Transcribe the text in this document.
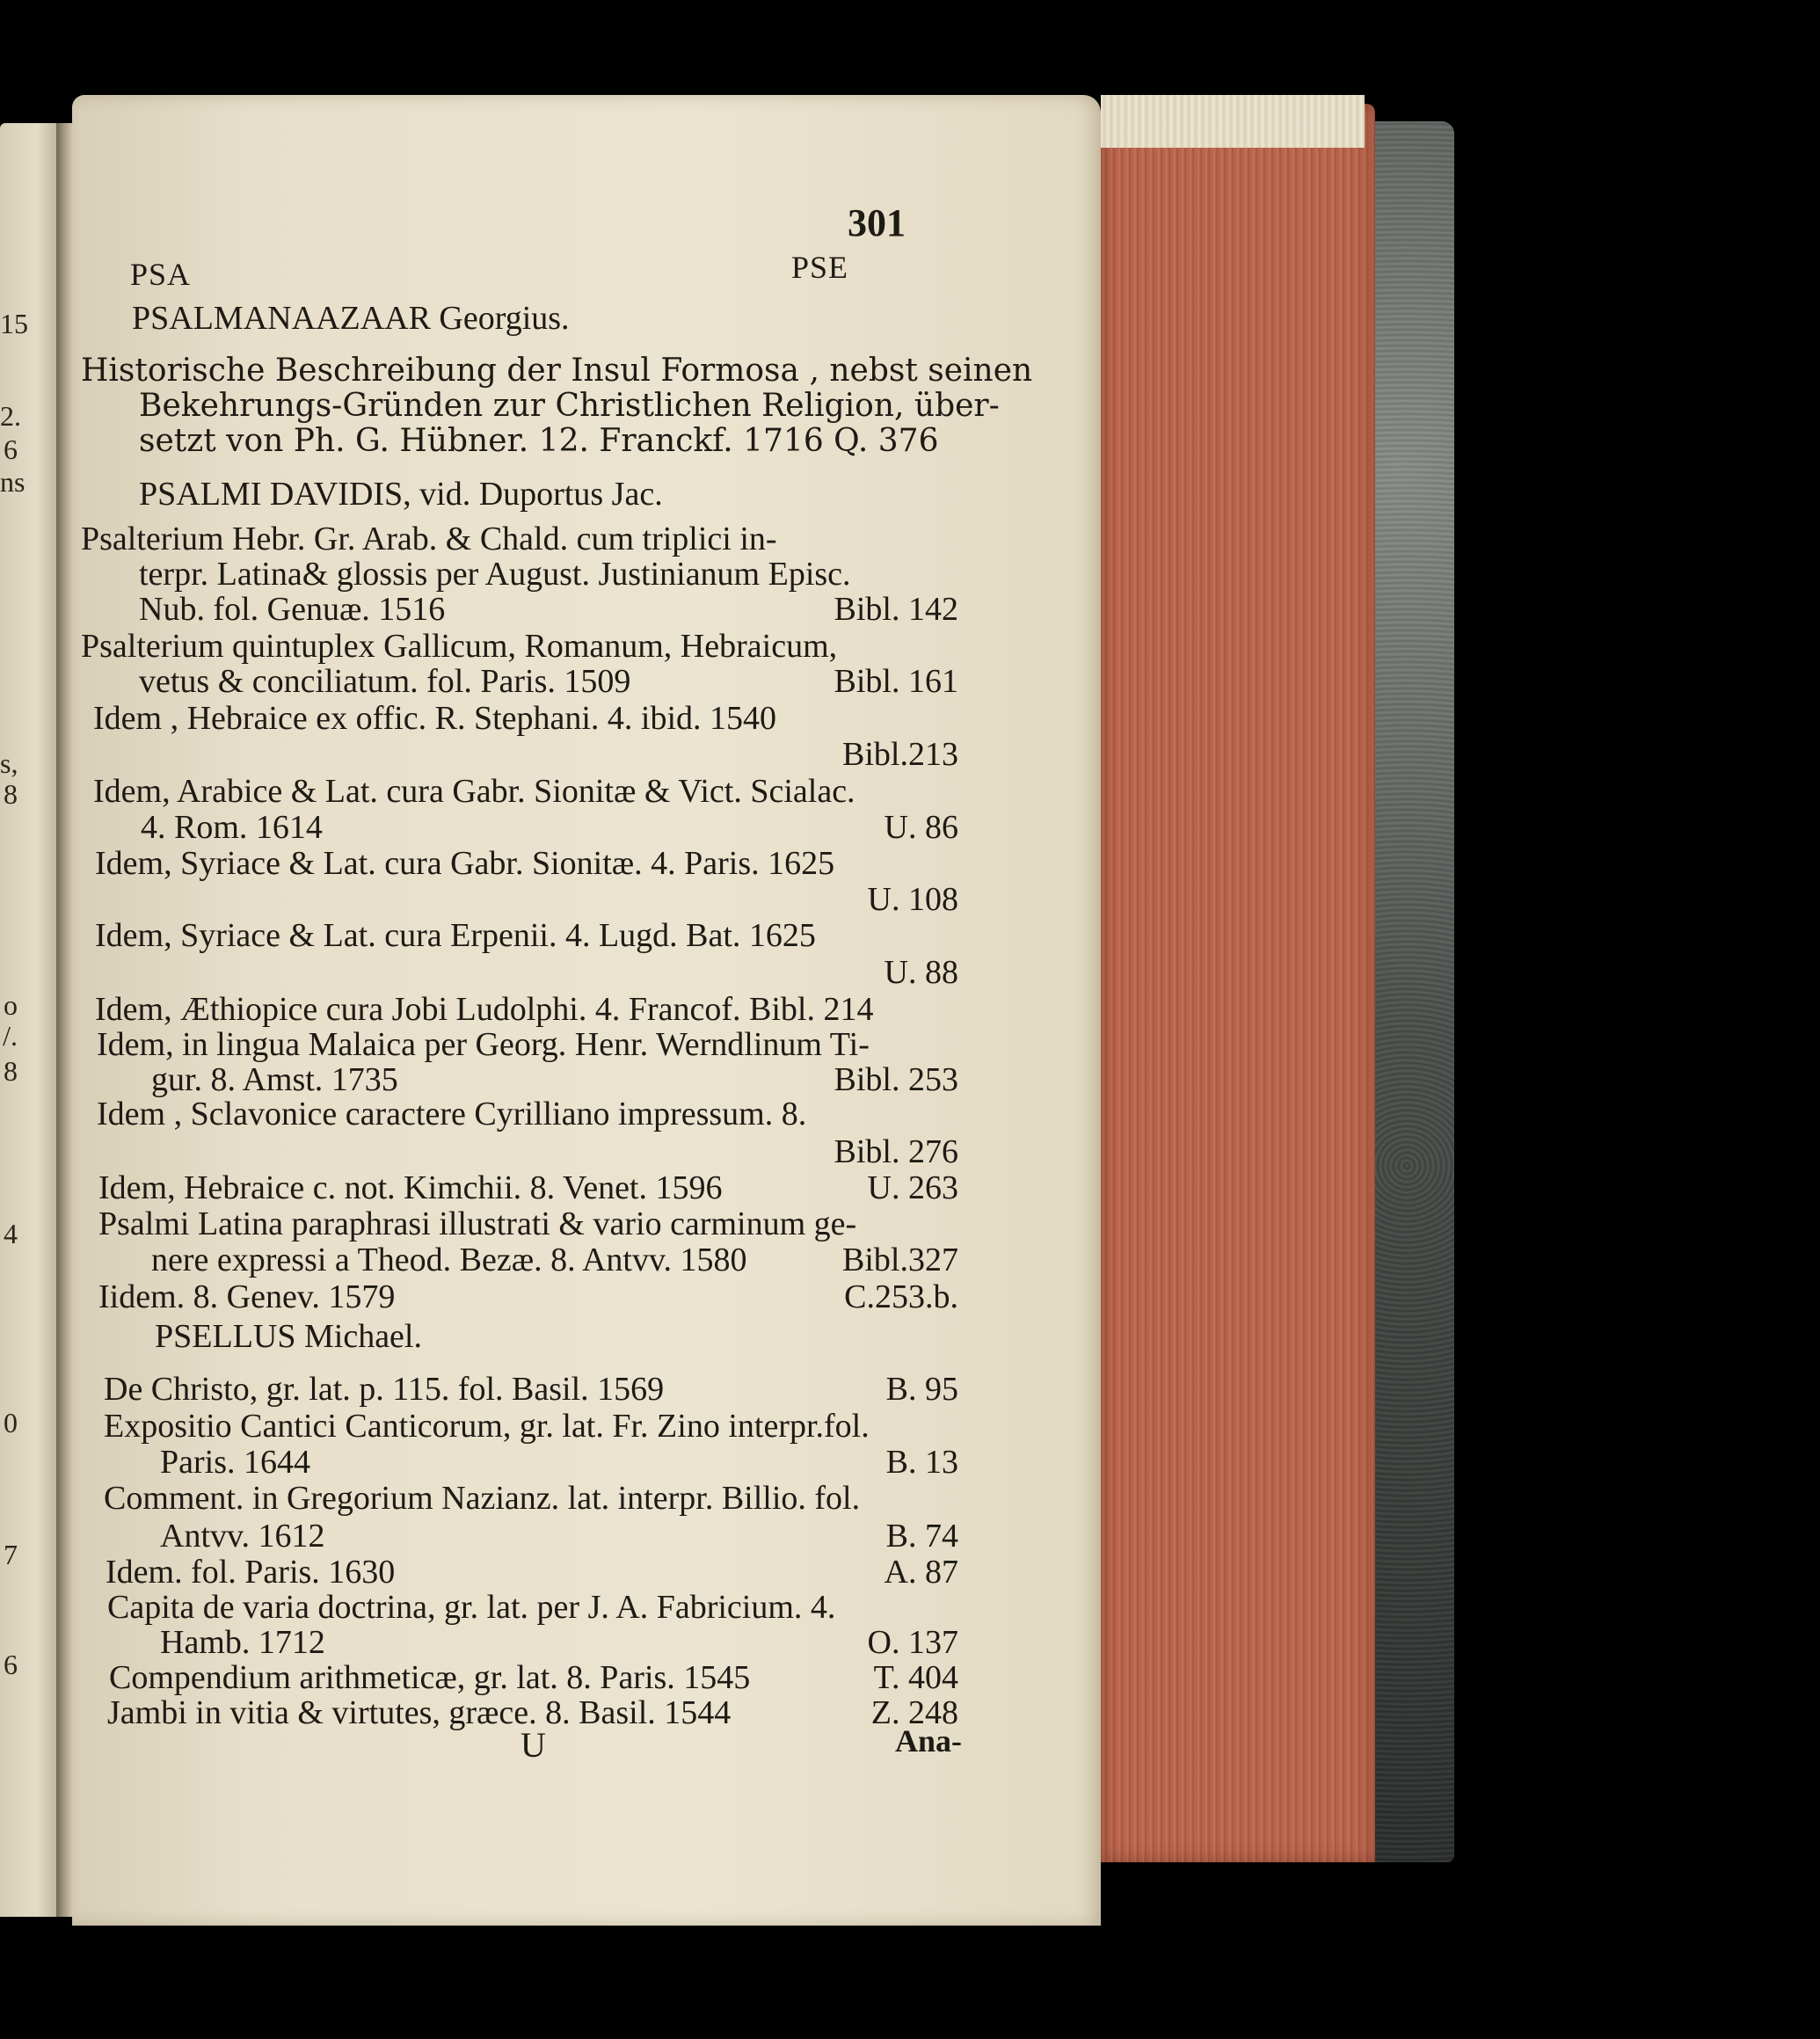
15
2.
6
ns
s,
8
o
/.
8
4
0
7
6
301
PSA	PSE
PSALMANAAZAAR Georgius.
Historische Beschreibung der Insul Formosa , nebst seinen
Bekehrungs-Gründen zur Christlichen Religion, über-
setzt von Ph. G. Hübner. 12. Franckf. 1716 Q. 376
PSALMI DAVIDIS, vid. Duportus Jac.
Psalterium Hebr. Gr. Arab. & Chald. cum triplici in-
terpr. Latina& glossis per August. Justinianum Episc.
Nub. fol. Genuæ. 1516	Bibl. 142
Psalterium quintuplex Gallicum, Romanum, Hebraicum,
vetus & conciliatum. fol. Paris. 1509	Bibl. 161
Idem , Hebraice ex offic. R. Stephani. 4. ibid. 1540
Bibl.213
Idem, Arabice & Lat. cura Gabr. Sionitæ & Vict. Scialac.
4. Rom. 1614	U. 86
Idem, Syriace & Lat. cura Gabr. Sionitæ. 4. Paris. 1625
U. 108
Idem, Syriace & Lat. cura Erpenii. 4. Lugd. Bat. 1625
U. 88
Idem, Æthiopice cura Jobi Ludolphi. 4. Francof. Bibl. 214
Idem, in lingua Malaica per Georg. Henr. Werndlinum Ti-
gur. 8. Amst. 1735	Bibl. 253
Idem , Sclavonice caractere Cyrilliano impressum. 8.
Bibl. 276
Idem, Hebraice c. not. Kimchii. 8. Venet. 1596	U. 263
Psalmi Latina paraphrasi illustrati & vario carminum ge-
nere expressi a Theod. Bezæ. 8. Antvv. 1580	Bibl.327
Iidem. 8. Genev. 1579	C.253.b.
PSELLUS Michael.
De Christo, gr. lat. p. 115. fol. Basil. 1569	B. 95
Expositio Cantici Canticorum, gr. lat. Fr. Zino interpr.fol.
Paris. 1644	B. 13
Comment. in Gregorium Nazianz. lat. interpr. Billio. fol.
Antvv. 1612	B. 74
Idem. fol. Paris. 1630	A. 87
Capita de varia doctrina, gr. lat. per J. A. Fabricium. 4.
Hamb. 1712	O. 137
Compendium arithmeticæ, gr. lat. 8. Paris. 1545	T. 404
Jambi in vitia & virtutes, græce. 8. Basil. 1544	Z. 248
U	Ana-
